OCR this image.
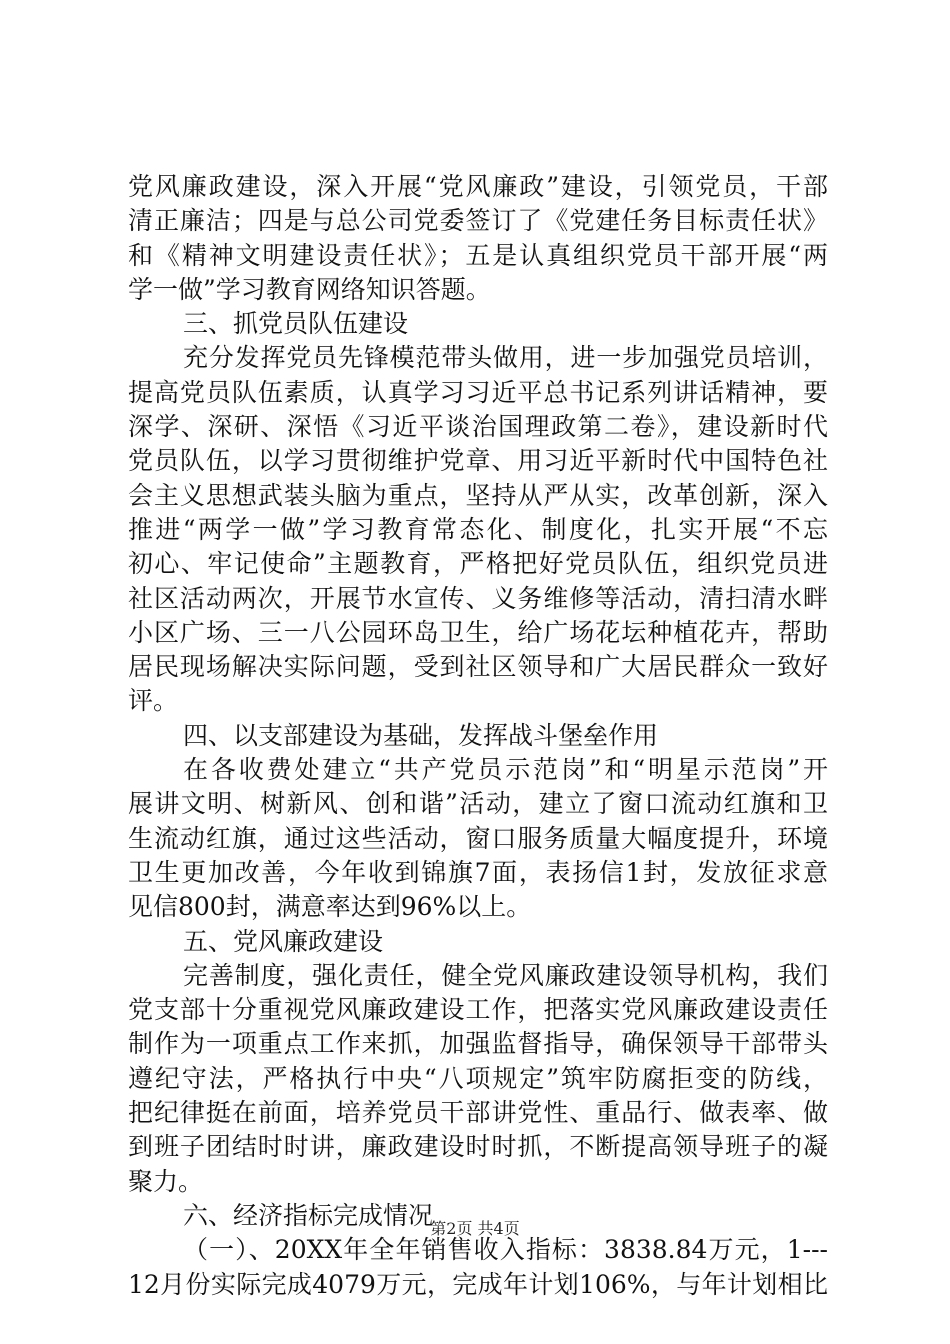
党风廉政建设，深入开展“党风廉政”建设，引领党员，干部
清正廉洁；四是与总公司党委签订了《党建任务目标责任状》
和《精神文明建设责任状》；五是认真组织党员干部开展“两
学一做”学习教育网络知识答题。
三、抓党员队伍建设
充分发挥党员先锋模范带头做用，进一步加强党员培训，
提高党员队伍素质，认真学习习近平总书记系列讲话精神，要
深学、深研、深悟《习近平谈治国理政第二卷》，建设新时代
党员队伍，以学习贯彻维护党章、用习近平新时代中国特色社
会主义思想武装头脑为重点，坚持从严从实，改革创新，深入
推进“两学一做”学习教育常态化、制度化，扎实开展“不忘
初心、牢记使命”主题教育，严格把好党员队伍，组织党员进
社区活动两次，开展节水宣传、义务维修等活动，清扫清水畔
小区广场、三一八公园环岛卫生，给广场花坛种植花卉，帮助
居民现场解决实际问题，受到社区领导和广大居民群众一致好
评。
四、以支部建设为基础，发挥战斗堡垒作用
在各收费处建立“共产党员示范岗”和“明星示范岗”开
展讲文明、树新风、创和谐”活动，建立了窗口流动红旗和卫
生流动红旗，通过这些活动，窗口服务质量大幅度提升，环境
卫生更加改善，今年收到锦旗7面，表扬信1封，发放征求意
见信800封，满意率达到96%以上。
五、党风廉政建设
完善制度，强化责任，健全党风廉政建设领导机构，我们
党支部十分重视党风廉政建设工作，把落实党风廉政建设责任
制作为一项重点工作来抓，加强监督指导，确保领导干部带头
遵纪守法，严格执行中央“八项规定”筑牢防腐拒变的防线，
把纪律挺在前面，培养党员干部讲党性、重品行、做表率、做
到班子团结时时讲，廉政建设时时抓，不断提高领导班子的凝
聚力。
六、经济指标完成情况
（一）、20XX年全年销售收入指标：3838.84万元，1---
12月份实际完成4079万元，完成年计划106%，与年计划相比
第2页 共4页
